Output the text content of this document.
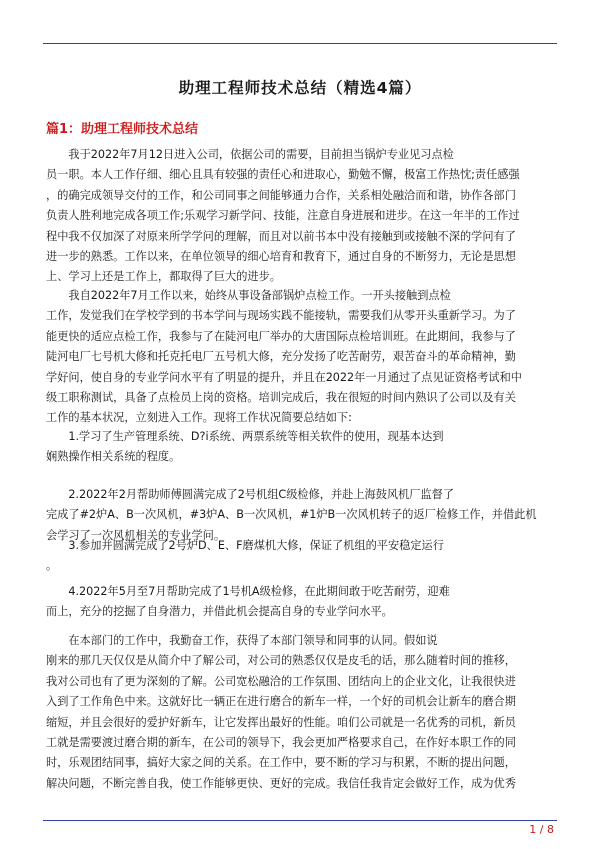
助理工程师技术总结（精选4篇）
篇1：助理工程师技术总结
　　我于2022年7月12日进入公司，依据公司的需要，目前担当锅炉专业见习点检
员一职。本人工作仔细、细心且具有较强的责任心和进取心，勤勉不懈，极富工作热忱;责任感强
，的确完成领导交付的工作，和公司同事之间能够通力合作，关系相处融洽而和谐，协作各部门
负责人胜利地完成各项工作;乐观学习新学问、技能，注意自身进展和进步。在这一年半的工作过
程中我不仅加深了对原来所学学问的理解，而且对以前书本中没有接触到或接触不深的学问有了
进一步的熟悉。工作以来，在单位领导的细心培育和教育下，通过自身的不断努力，无论是思想
上、学习上还是工作上，都取得了巨大的进步。
　　我自2022年7月工作以来，始终从事设备部锅炉点检工作。一开头接触到点检
工作，发觉我们在学校学到的书本学问与现场实践不能接轨，需要我们从零开头重新学习。为了
能更快的适应点检工作，我参与了在陡河电厂举办的大唐国际点检培训班。在此期间，我参与了
陡河电厂七号机大修和托克托电厂五号机大修，充分发扬了吃苦耐劳，艰苦奋斗的革命精神，勤
学好问，使自身的专业学问水平有了明显的提升，并且在2022年一月通过了点见证资格考试和中
级工职称测试，具备了点检员上岗的资格。培训完成后，我在很短的时间内熟识了公司以及有关
工作的基本状况，立刻进入工作。现将工作状况简要总结如下:
　　1.学习了生产管理系统、D?i系统、两票系统等相关软件的使用，现基本达到
娴熟操作相关系统的程度。
　　2.2022年2月帮助师傅圆满完成了2号机组C级检修，并赴上海鼓风机厂监督了
完成了#2炉A、B一次风机，#3炉A、B一次风机，#1炉B一次风机转子的返厂检修工作，并借此机
会学习了一次风机相关的专业学问。
　　3.参加并圆满完成了2号炉D、E、F磨煤机大修，保证了机组的平安稳定运行
。
　　4.2022年5月至7月帮助完成了1号机A级检修，在此期间敢于吃苦耐劳，迎难
而上，充分的挖掘了自身潜力，并借此机会提高自身的专业学问水平。
　　在本部门的工作中，我勤奋工作，获得了本部门领导和同事的认同。假如说
刚来的那几天仅仅是从简介中了解公司，对公司的熟悉仅仅是皮毛的话，那么随着时间的推移，
我对公司也有了更为深刻的了解。公司宽松融洽的工作氛围、团结向上的企业文化，让我很快进
入到了工作角色中来。这就好比一辆正在进行磨合的新车一样，一个好的司机会让新车的磨合期
缩短，并且会很好的爱护好新车，让它发挥出最好的性能。咱们公司就是一名优秀的司机，新员
工就是需要渡过磨合期的新车，在公司的领导下，我会更加严格要求自己，在作好本职工作的同
时，乐观团结同事，搞好大家之间的关系。在工作中，要不断的学习与积累，不断的提出问题，
解决问题，不断完善自我，使工作能够更快、更好的完成。我信任我肯定会做好工作，成为优秀
1 / 8
